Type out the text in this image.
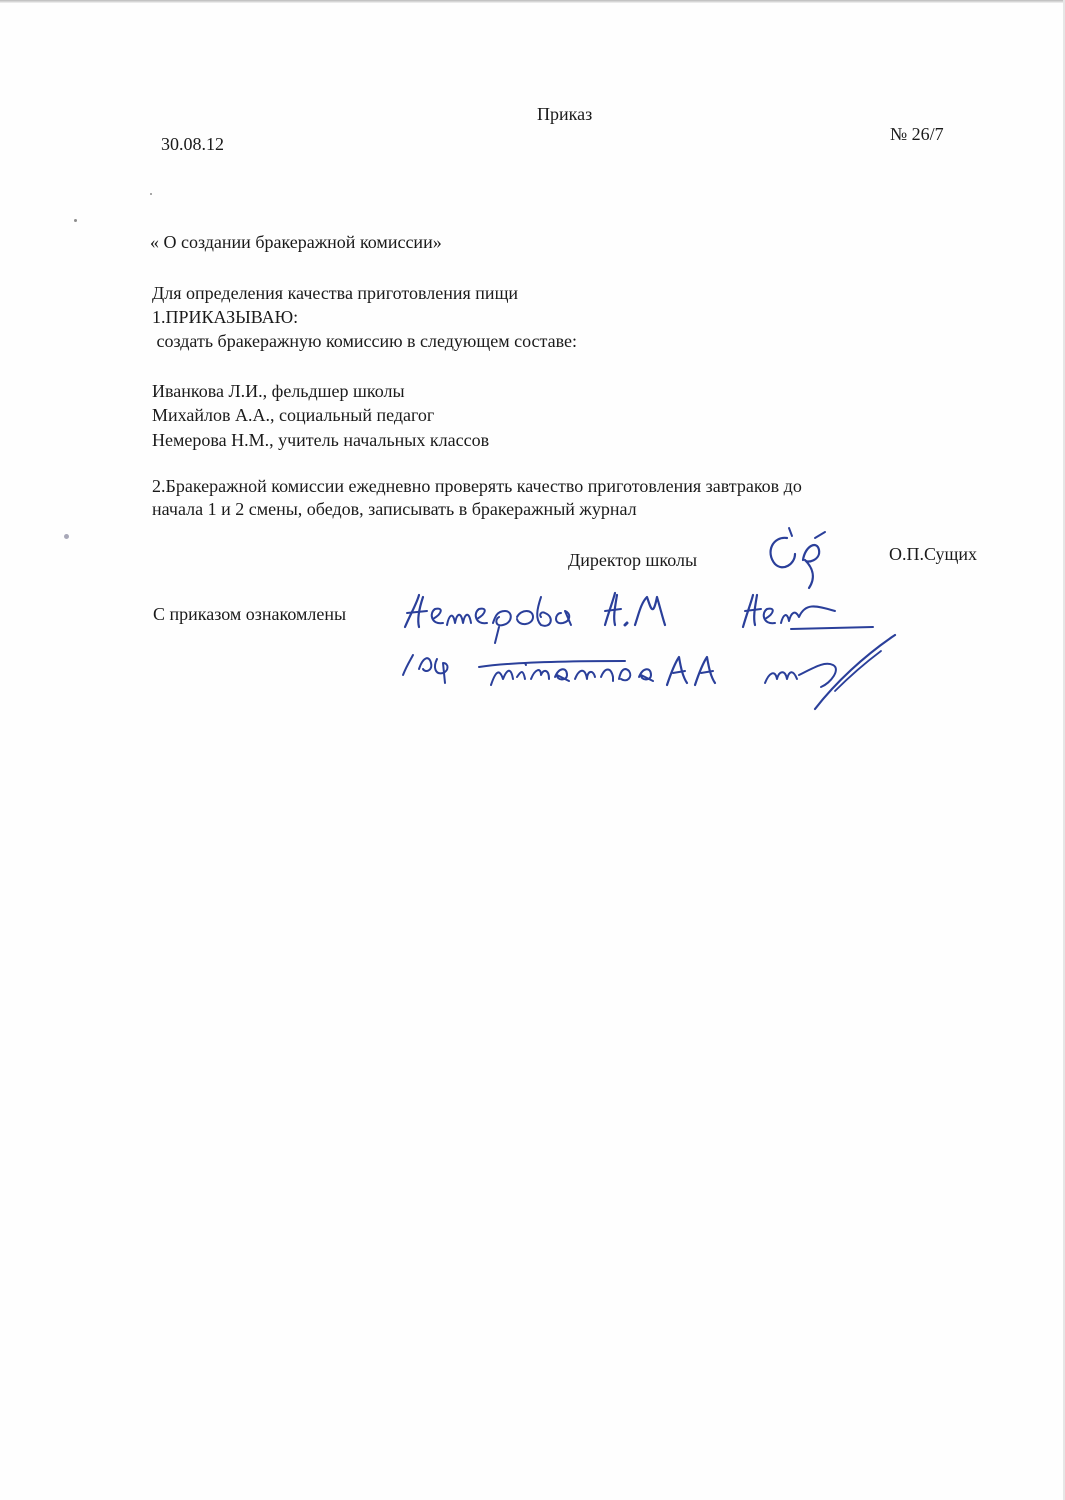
Приказ
30.08.12	№ 26/7
« О создании бракеражной комиссии»
Для определения качества приготовления пищи
1.ПРИКАЗЫВАЮ:
создать бракеражную комиссию в следующем составе:
Иванкова Л.И., фельдшер школы
Михайлов А.А., социальный педагог
Немерова Н.М., учитель начальных классов
2.Бракеражной комиссии ежедневно проверять качество приготовления завтраков до
начала 1 и 2 смены, обедов, записывать в бракеражный журнал
Директор школы	О.П.Сущих
С приказом ознакомлены
